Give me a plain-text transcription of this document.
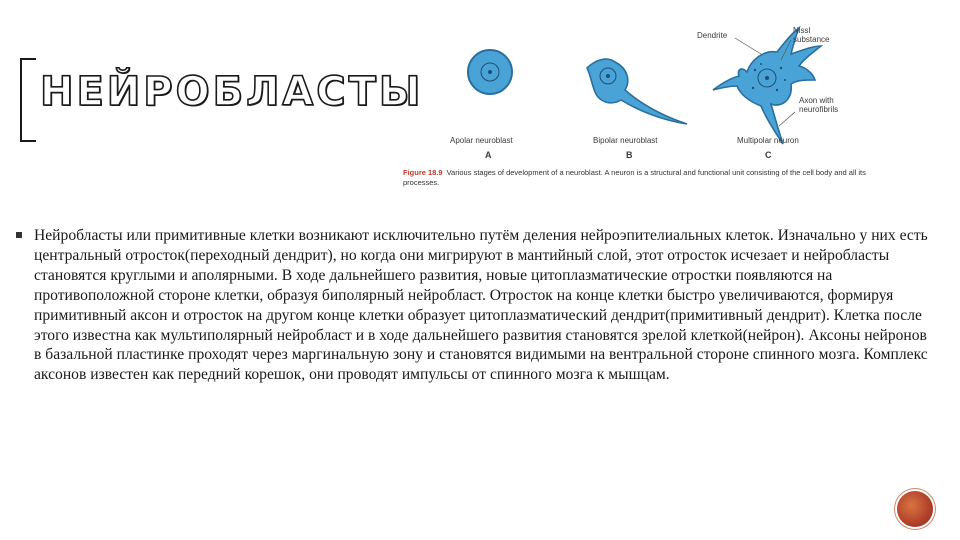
НЕЙРОБЛАСТЫ
Dendrite
Nissl
substance
Axon with
neurofibrils
Apolar neuroblast
A
Bipolar neuroblast
B
Multipolar neuron
C
Figure 18.9 Various stages of development of a neuroblast. A neuron is a structural and functional unit consisting of the cell body and all its processes.

Нейробласты или примитивные клетки возникают исключительно путём деления нейроэпителиальных клеток. Изначально у них есть центральный отросток(переходный дендрит), но когда они мигрируют в мантийный слой, этот отросток исчезает и нейробласты становятся круглыми и аполярными. В ходе дальнейшего развития, новые цитоплазматические отростки появляются на противоположной стороне клетки, образуя биполярный нейробласт. Отросток на конце клетки быстро увеличиваются, формируя примитивный аксон и отросток на другом конце клетки образует цитоплазматический дендрит(примитивный дендрит). Клетка после этого известна как мультиполярный нейробласт и в ходе дальнейшего развития становятся зрелой клеткой(нейрон). Аксоны нейронов в базальной пластинке проходят через маргинальную зону и становятся видимыми на вентральной стороне спинного мозга. Комплекс аксонов известен как передний корешок, они проводят импульсы от спинного мозга к мышцам.
